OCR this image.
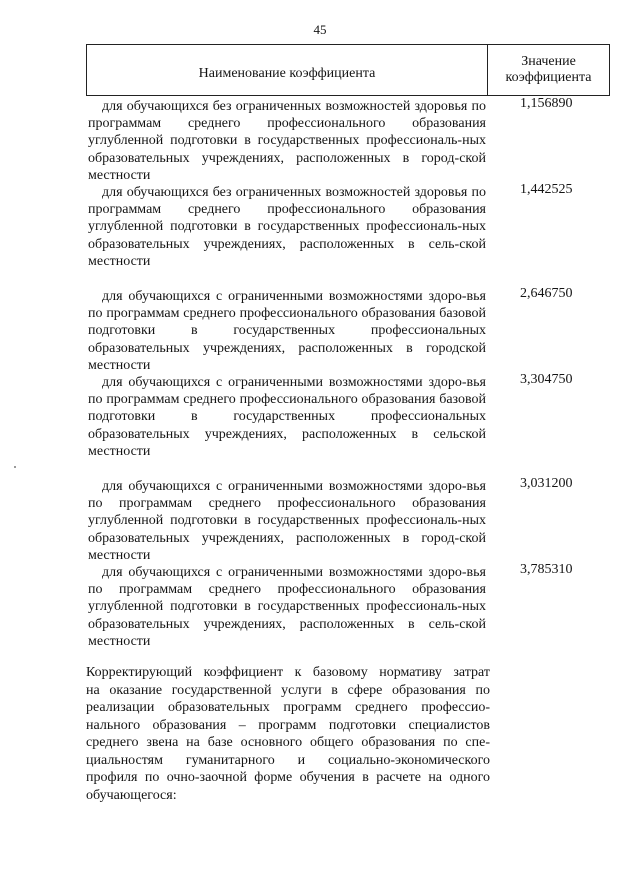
45
Наименование коэффициента
Значение
коэффициента
для обучающихся без ограниченных возможностей здоровья по программам среднего профессионального образования углубленной подготовки в государственных профессиональ-ных образовательных учреждениях, расположенных в город-ской местности
1,156890
для обучающихся без ограниченных возможностей здоровья по программам среднего профессионального образования углубленной подготовки в государственных профессиональ-ных образовательных учреждениях, расположенных в сель-ской местности
1,442525
для обучающихся с ограниченными возможностями здоро-вья по программам среднего профессионального образования базовой подготовки в государственных профессиональных образовательных учреждениях, расположенных в городской местности
2,646750
для обучающихся с ограниченными возможностями здоро-вья по программам среднего профессионального образования базовой подготовки в государственных профессиональных образовательных учреждениях, расположенных в сельской местности
3,304750
для обучающихся с ограниченными возможностями здоро-вья по программам среднего профессионального образования углубленной подготовки в государственных профессиональ-ных образовательных учреждениях, расположенных в город-ской местности
3,031200
для обучающихся с ограниченными возможностями здоро-вья по программам среднего профессионального образования углубленной подготовки в государственных профессиональ-ных образовательных учреждениях, расположенных в сель-ской местности
3,785310
Корректирующий коэффициент к базовому нормативу затрат
на оказание государственной услуги в сфере образования по
реализации образовательных программ среднего профессио-
нального образования – программ подготовки специалистов
среднего звена на базе основного общего образования по спе-
циальностям гуманитарного и социально-экономического
профиля по очно-заочной форме обучения в расчете на одного
обучающегося:
